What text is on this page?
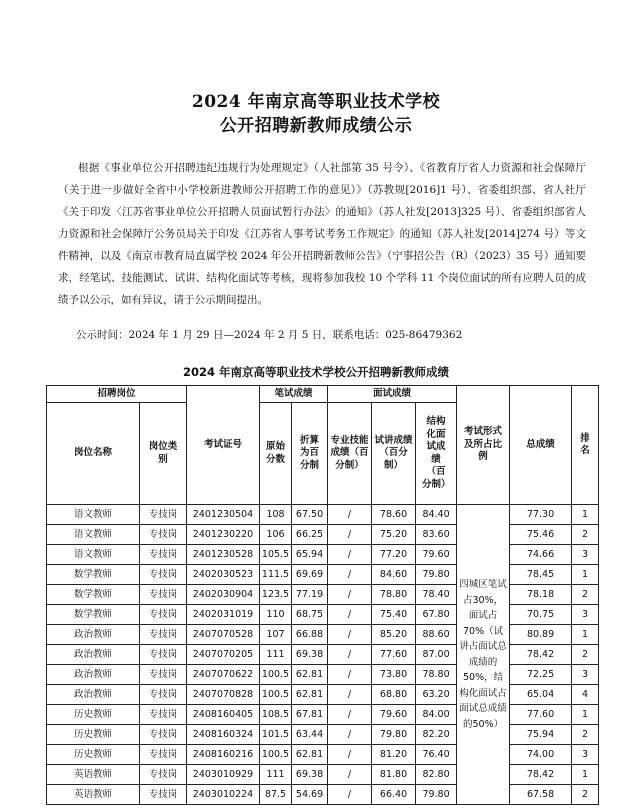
2024 年南京高等职业技术学校
公开招聘新教师成绩公示
根据《事业单位公开招聘违纪违规行为处理规定》（人社部第 35 号令）、《省教育厅省人力资源和社会保障厅（关于进一步做好全省中小学校新进教师公开招聘工作的意见）》（苏教规[2016]1 号）、省委组织部、省人社厅《关于印发〈江苏省事业单位公开招聘人员面试暂行办法〉的通知》（苏人社发[2013]325 号）、省委组织部省人力资源和社会保障厅公务员局关于印发《江苏省人事考试考务工作规定》的通知（苏人社发[2014]274 号）等文件精神，以及《南京市教育局直属学校 2024 年公开招聘新教师公告》（宁事招公告（R）（2023）35 号）通知要求，经笔试、技能测试、试讲、结构化面试等考核，现将参加我校 10 个学科 11 个岗位面试的所有应聘人员的成绩予以公示，如有异议，请于公示期间提出。
公示时间：2024 年 1 月 29 日—2024 年 2 月 5 日，联系电话：025-86479362
2024 年南京高等职业技术学校公开招聘新教师成绩
招聘岗位		考试证号	笔试成绩		面试成绩			考试形式及所占比例	总成绩	排名
岗位名称	岗位类别		原始分数	折算为百分制	专业技能成绩（百分制）	试讲成绩（百分制）	结构化面试成绩（百分制）			
语文教师	专技岗	2401230504	108	67.50	/	78.60	84.40	四城区笔试占30%，面试占70%（试讲占面试总成绩的50%，结构化面试占面试总成绩的50%）	77.30	1
语文教师	专技岗	2401230220	106	66.25	/	75.20	83.60		75.46	2
语文教师	专技岗	2401230528	105.5	65.94	/	77.20	79.60		74.66	3
数学教师	专技岗	2402030523	111.5	69.69	/	84.60	79.80		78.45	1
数学教师	专技岗	2402030904	123.5	77.19	/	78.80	78.40		78.18	2
数学教师	专技岗	2402031019	110	68.75	/	75.40	67.80		70.75	3
政治教师	专技岗	2407070528	107	66.88	/	85.20	88.60		80.89	1
政治教师	专技岗	2407070205	111	69.38	/	77.60	87.00		78.42	2
政治教师	专技岗	2407070622	100.5	62.81	/	73.80	78.80		72.25	3
政治教师	专技岗	2407070828	100.5	62.81	/	68.80	63.20		65.04	4
历史教师	专技岗	2408160405	108.5	67.81	/	79.60	84.00		77.60	1
历史教师	专技岗	2408160324	101.5	63.44	/	79.80	82.20		75.94	2
历史教师	专技岗	2408160216	100.5	62.81	/	81.20	76.40		74.00	3
英语教师	专技岗	2403010929	111	69.38	/	81.80	82.80		78.42	1
英语教师	专技岗	2403010224	87.5	54.69	/	66.40	79.80		67.58	2
